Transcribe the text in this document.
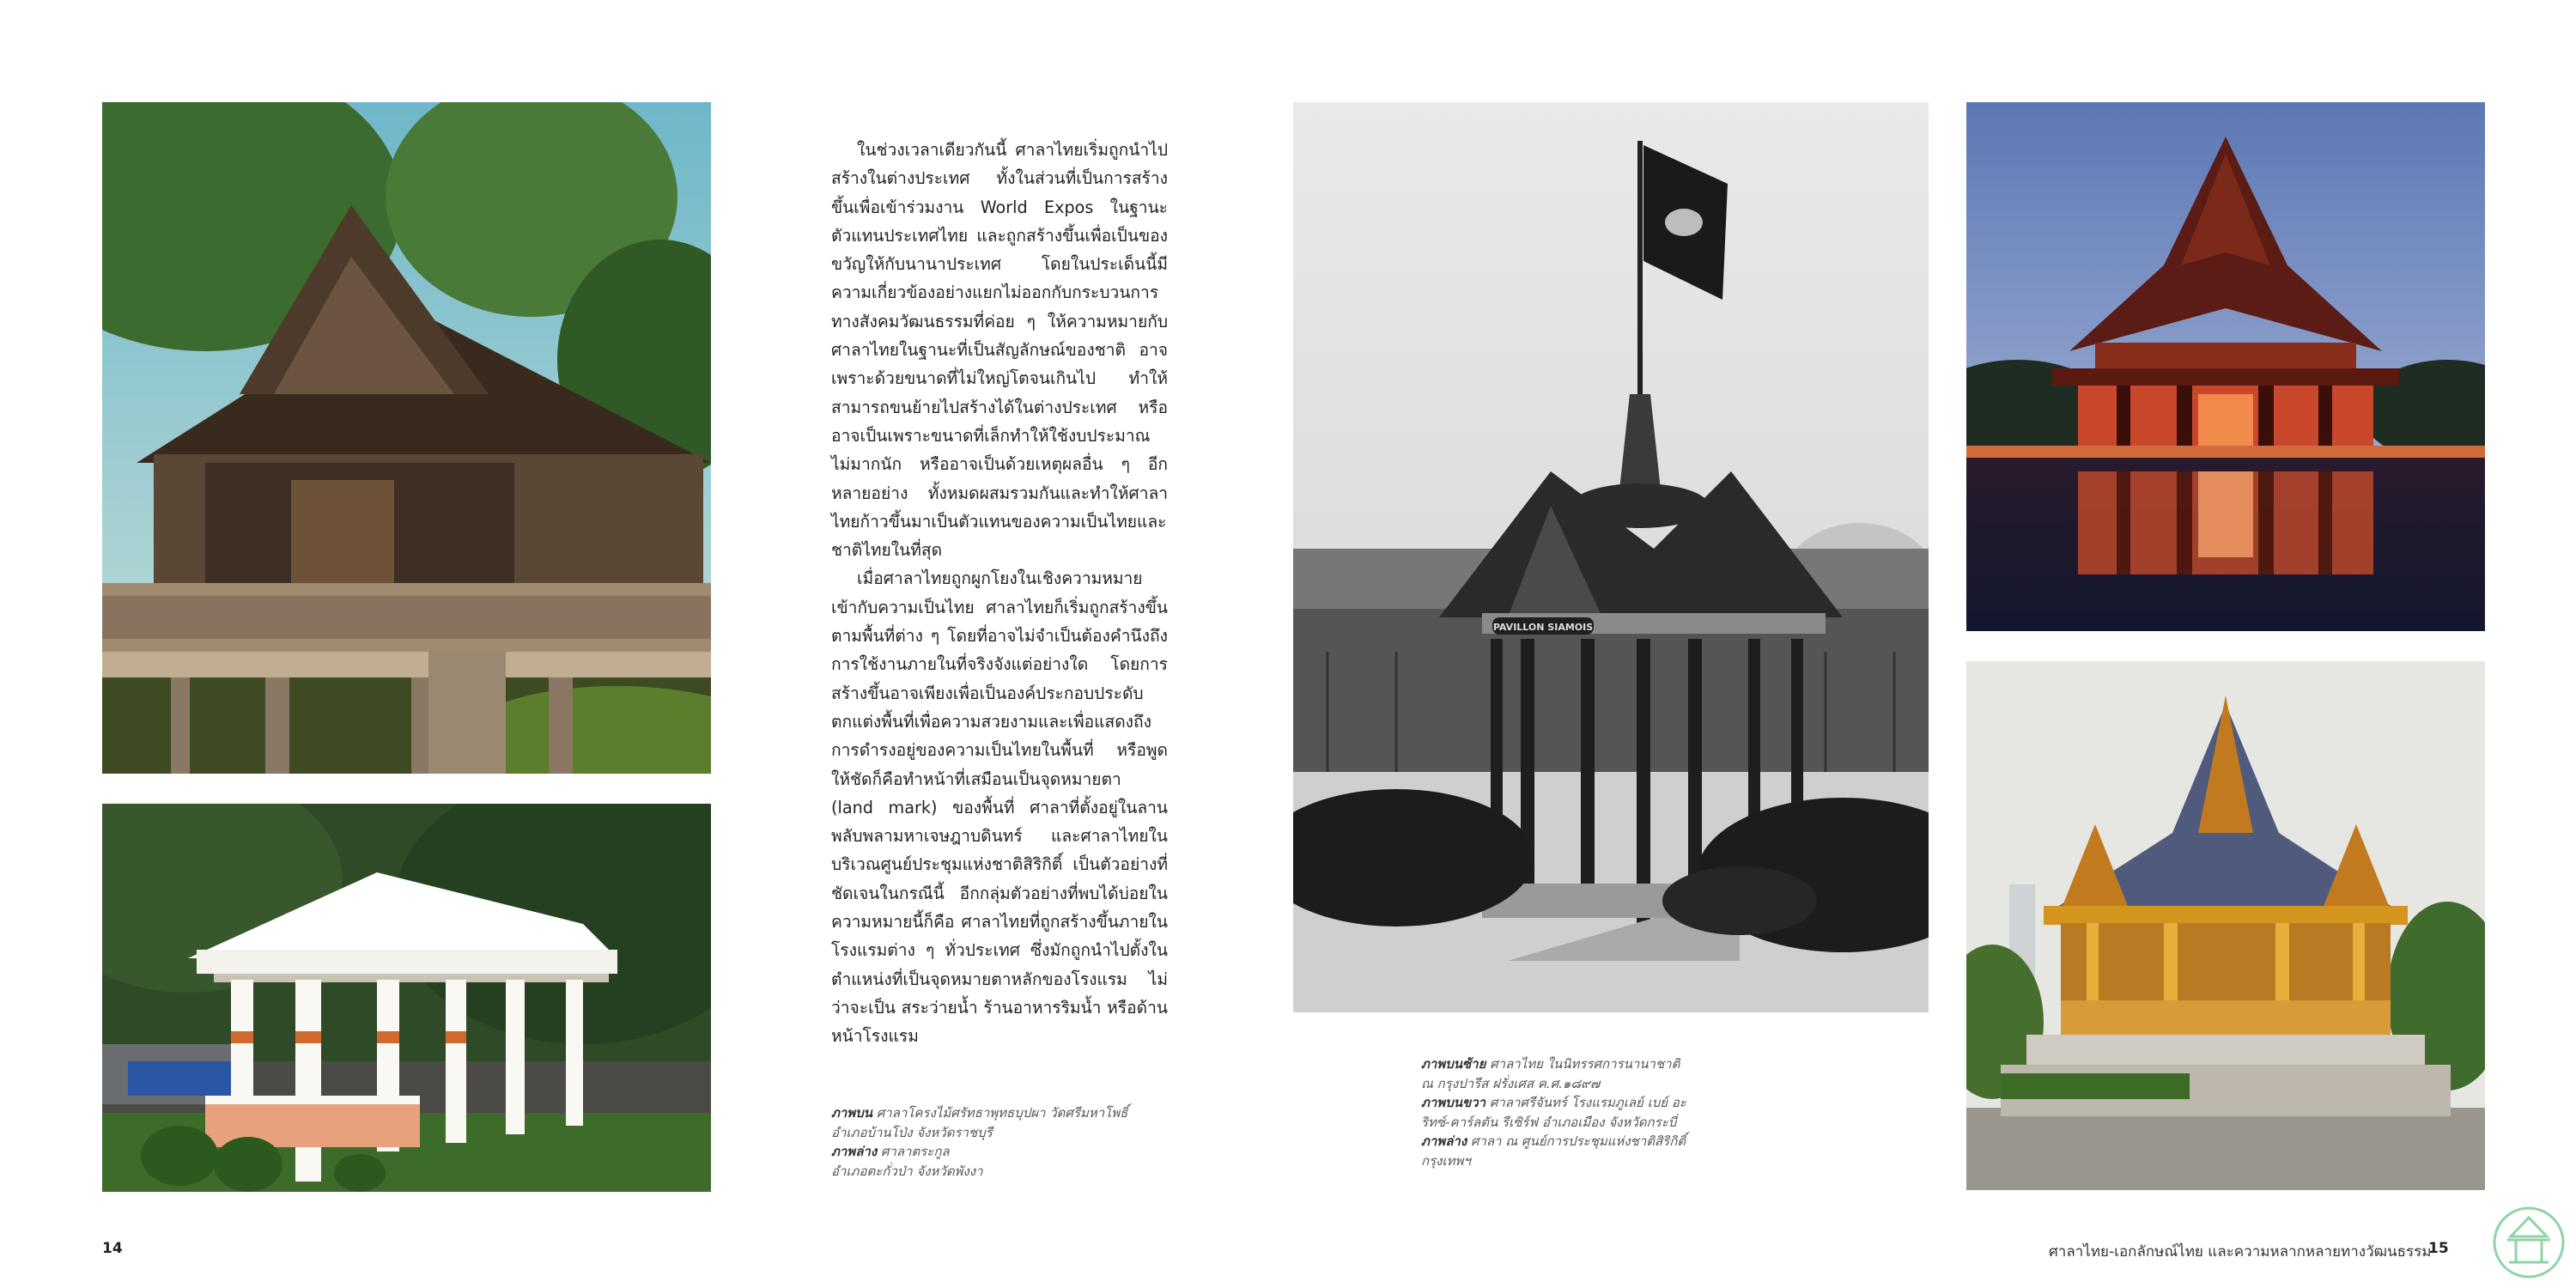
ในช่วงเวลาเดียวกันนี้ ศาลาไทยเริ่มถูกนำไปสร้างในต่างประเทศ ทั้งในส่วนที่เป็นการสร้างขึ้นเพื่อเข้าร่วมงาน World Expos ในฐานะตัวแทนประเทศไทย และถูกสร้างขึ้นเพื่อเป็นของขวัญให้กับนานาประเทศ โดยในประเด็นนี้มีความเกี่ยวข้องอย่างแยกไม่ออกกับกระบวนการทางสังคมวัฒนธรรมที่ค่อย ๆ ให้ความหมายกับศาลาไทยในฐานะที่เป็นสัญลักษณ์ของชาติ อาจเพราะด้วยขนาดที่ไม่ใหญ่โตจนเกินไป ทำให้สามารถขนย้ายไปสร้างได้ในต่างประเทศ หรืออาจเป็นเพราะขนาดที่เล็กทำให้ใช้งบประมาณไม่มากนัก หรืออาจเป็นด้วยเหตุผลอื่น ๆ อีกหลายอย่าง ทั้งหมดผสมรวมกันและทำให้ศาลาไทยก้าวขึ้นมาเป็นตัวแทนของความเป็นไทยและชาติไทยในที่สุด

เมื่อศาลาไทยถูกผูกโยงในเชิงความหมายเข้ากับความเป็นไทย ศาลาไทยก็เริ่มถูกสร้างขึ้นตามพื้นที่ต่าง ๆ โดยที่อาจไม่จำเป็นต้องคำนึงถึงการใช้งานภายในที่จริงจังแต่อย่างใด โดยการสร้างขึ้นอาจเพียงเพื่อเป็นองค์ประกอบประดับตกแต่งพื้นที่เพื่อความสวยงามและเพื่อแสดงถึงการดำรงอยู่ของความเป็นไทยในพื้นที่ หรือพูดให้ชัดก็คือทำหน้าที่เสมือนเป็นจุดหมายตา (land mark) ของพื้นที่ ศาลาที่ตั้งอยู่ในลานพลับพลามหาเจษฎาบดินทร์ และศาลาไทยในบริเวณศูนย์ประชุมแห่งชาติสิริกิติ์ เป็นตัวอย่างที่ชัดเจนในกรณีนี้ อีกกลุ่มตัวอย่างที่พบได้บ่อยในความหมายนี้ก็คือ ศาลาไทยที่ถูกสร้างขึ้นภายในโรงแรมต่าง ๆ ทั่วประเทศ ซึ่งมักถูกนำไปตั้งในตำแหน่งที่เป็นจุดหมายตาหลักของโรงแรม ไม่ว่าจะเป็น สระว่ายน้ำ ร้านอาหารริมน้ำ หรือด้านหน้าโรงแรม

ภาพบน ศาลาโครงไม้ศรัทธาพุทธบุปผา วัดศรีมหาโพธิ์
อำเภอบ้านโป่ง จังหวัดราชบุรี
ภาพล่าง ศาลาตระกูล
อำเภอตะกั่วป่า จังหวัดพังงา
PAVILLON SIAMOIS
ภาพบนซ้าย ศาลาไทย ในนิทรรศการนานาชาติ
ณ กรุงปารีส ฝรั่งเศส ค.ศ.๑๘๙๗
ภาพบนขวา ศาลาศรีจันทร์ โรงแรมภูเลย์ เบย์ อะ
ริทซ์-คาร์ลตัน รีเซิร์ฟ อำเภอเมือง จังหวัดกระบี่
ภาพล่าง ศาลา ณ ศูนย์การประชุมแห่งชาติสิริกิติ์
กรุงเทพฯ
14	ศาลาไทย-เอกลักษณ์ไทย และความหลากหลายทางวัฒนธรรม
15
